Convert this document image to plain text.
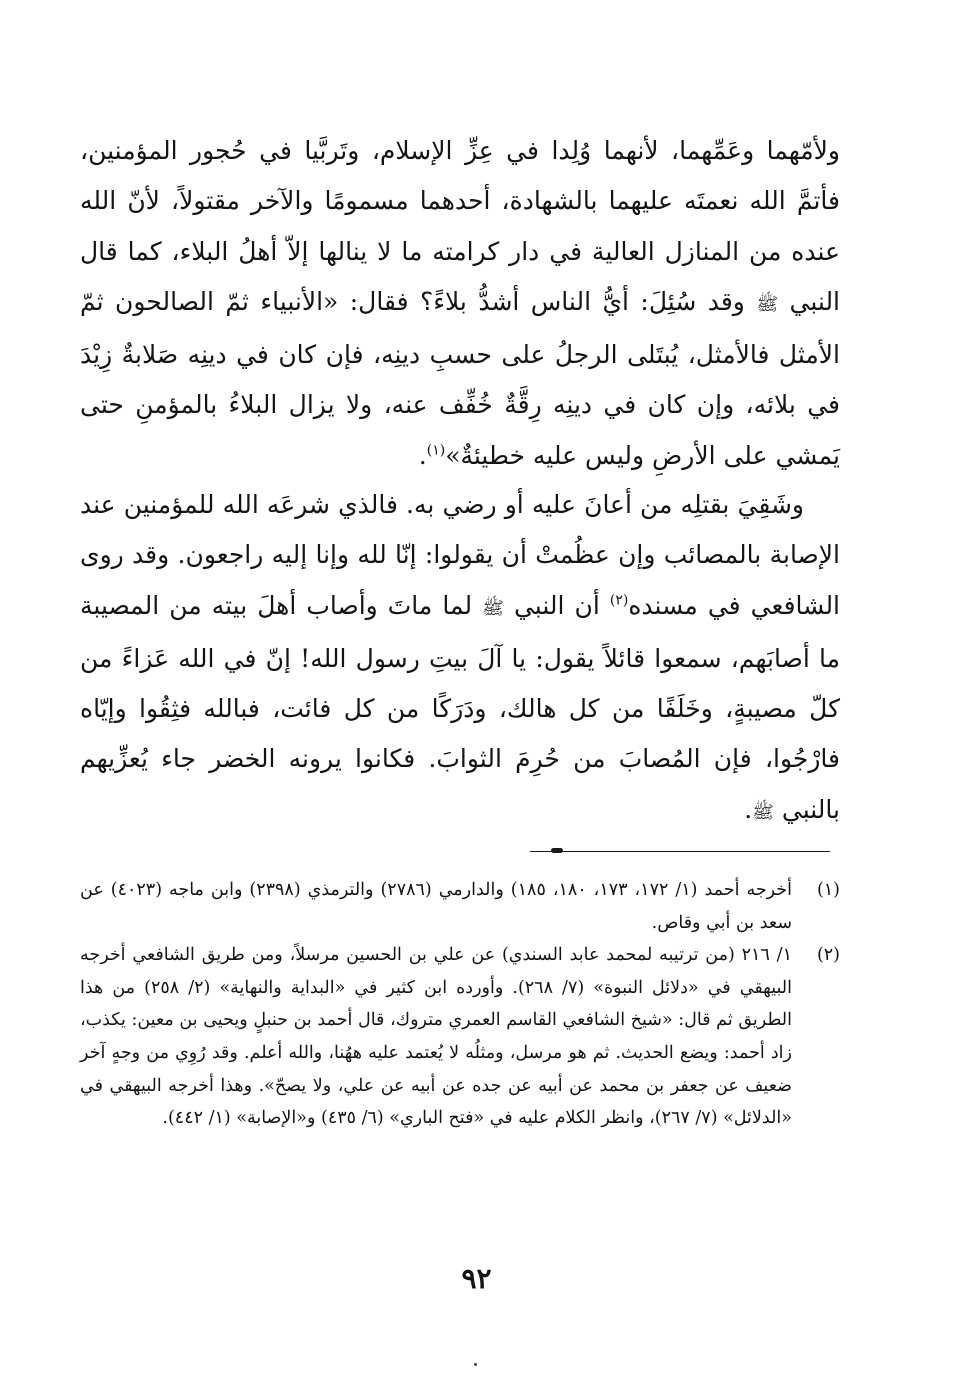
ولأمّهما وعَمِّهما، لأنهما وُلِدا في عِزِّ الإسلام، وتَربَّيا في حُجور المؤمنين، فأتمَّ الله نعمتَه عليهما بالشهادة، أحدهما مسمومًا والآخر مقتولاً، لأنّ الله عنده من المنازل العالية في دار كرامته ما لا ينالها إلاّ أهلُ البلاء، كما قال النبي ﷺ وقد سُئِلَ: أيُّ الناس أشدُّ بلاءً؟ فقال: «الأنبياء ثمّ الصالحون ثمّ الأمثل فالأمثل، يُبتَلى الرجلُ على حسبِ دينِه، فإن كان في دينِه صَلابةٌ زِيْدَ في بلائه، وإن كان في دينِه رِقَّةٌ خُفِّف عنه، ولا يزال البلاءُ بالمؤمنِ حتى يَمشي على الأرضِ وليس عليه خطيئةٌ»$^{(١)}$.

وشَقِيَ بقتلِه من أعانَ عليه أو رضي به. فالذي شرعَه الله للمؤمنين عند الإصابة بالمصائب وإن عظُمتْ أن يقولوا: إنّا لله وإنا إليه راجعون. وقد روى الشافعي في مسنده$^{(٢)}$ أن النبي ﷺ لما ماتَ وأصاب أهلَ بيته من المصيبة ما أصابَهم، سمعوا قائلاً يقول: يا آلَ بيتِ رسول الله! إنّ في الله عَزاءً من كلّ مصيبةٍ، وخَلَفًا من كل هالك، ودَرَكًا من كل فائت، فبالله فثِقُوا وإيّاه فارْجُوا، فإن المُصابَ من حُرِمَ الثوابَ. فكانوا يرونه الخضر جاء يُعزِّيهم بالنبي ﷺ.

(١)
أخرجه أحمد (١/ ١٧٢، ١٧٣، ١٨٠، ١٨٥) والدارمي (٢٧٨٦) والترمذي (٢٣٩٨) وابن ماجه (٤٠٢٣) عن سعد بن أبي وقاص.
(٢)
١/ ٢١٦ (من ترتيبه لمحمد عابد السندي) عن علي بن الحسين مرسلاً، ومن طريق الشافعي أخرجه البيهقي في «دلائل النبوة» (٧/ ٢٦٨). وأورده ابن كثير في «البداية والنهاية» (٢/ ٢٥٨) من هذا الطريق ثم قال: «شيخ الشافعي القاسم العمري متروك، قال أحمد بن حنبلٍ ويحيى بن معين: يكذب، زاد أحمد: ويضع الحديث. ثم هو مرسل، ومثلُه لا يُعتمد عليه ههُنا، والله أعلم. وقد رُوِي من وجهٍ آخر ضعيف عن جعفر بن محمد عن أبيه عن جده عن أبيه عن علي، ولا يصحّ». وهذا أخرجه البيهقي في «الدلائل» (٧/ ٢٦٧)، وانظر الكلام عليه في «فتح الباري» (٦/ ٤٣٥) و«الإصابة» (١/ ٤٤٢).
٩٢
